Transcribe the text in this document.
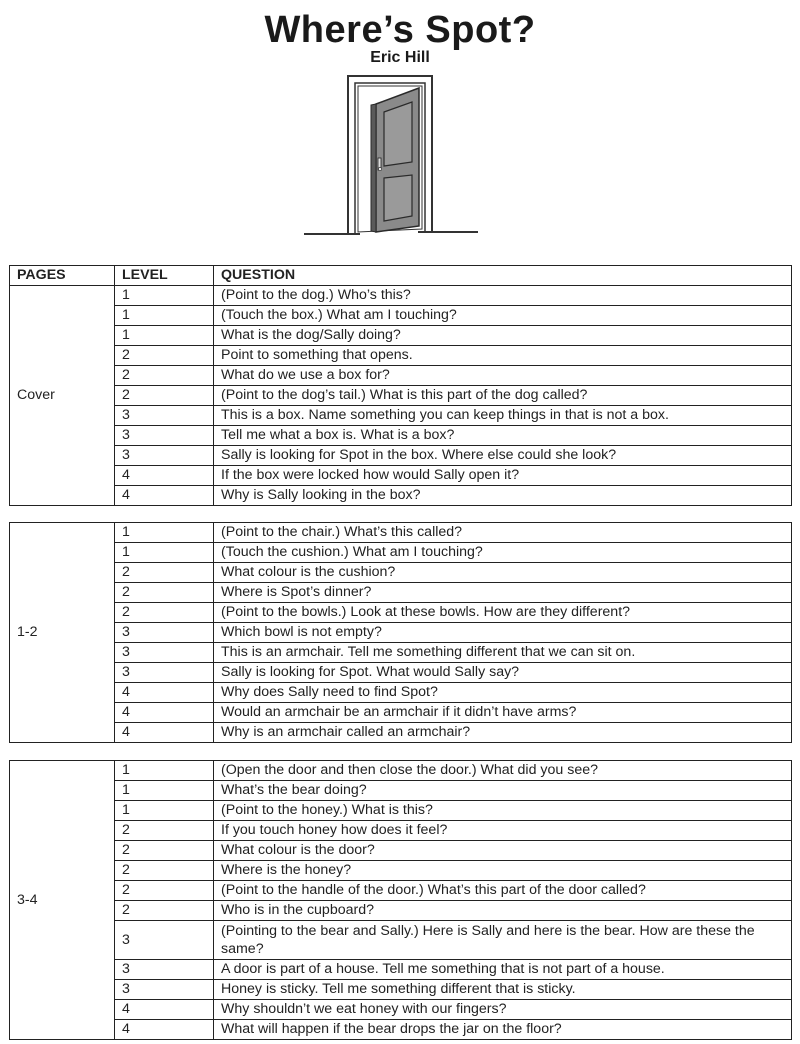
Where’s Spot?
Eric Hill
PAGES	LEVEL	QUESTION
Cover	1	(Point to the dog.) Who’s this?
	1	(Touch the box.) What am I touching?
	1	What is the dog/Sally doing?
	2	Point to something that opens.
	2	What do we use a box for?
	2	(Point to the dog’s tail.) What is this part of the dog called?
	3	This is a box. Name something you can keep things in that is not a box.
	3	Tell me what a box is. What is a box?
	3	Sally is looking for Spot in the box. Where else could she look?
	4	If the box were locked how would Sally open it?
	4	Why is Sally looking in the box?
1-2	1	(Point to the chair.) What’s this called?
	1	(Touch the cushion.) What am I touching?
	2	What colour is the cushion?
	2	Where is Spot’s dinner?
	2	(Point to the bowls.) Look at these bowls. How are they different?
	3	Which bowl is not empty?
	3	This is an armchair. Tell me something different that we can sit on.
	3	Sally is looking for Spot. What would Sally say?
	4	Why does Sally need to find Spot?
	4	Would an armchair be an armchair if it didn’t have arms?
	4	Why is an armchair called an armchair?
3-4	1	(Open the door and then close the door.) What did you see?
	1	What’s the bear doing?
	1	(Point to the honey.) What is this?
	2	If you touch honey how does it feel?
	2	What colour is the door?
	2	Where is the honey?
	2	(Point to the handle of the door.) What’s this part of the door called?
	2	Who is in the cupboard?
	3	(Pointing to the bear and Sally.) Here is Sally and here is the bear. How are these the same?
	3	A door is part of a house. Tell me something that is not part of a house.
	3	Honey is sticky. Tell me something different that is sticky.
	4	Why shouldn’t we eat honey with our fingers?
	4	What will happen if the bear drops the jar on the floor?
